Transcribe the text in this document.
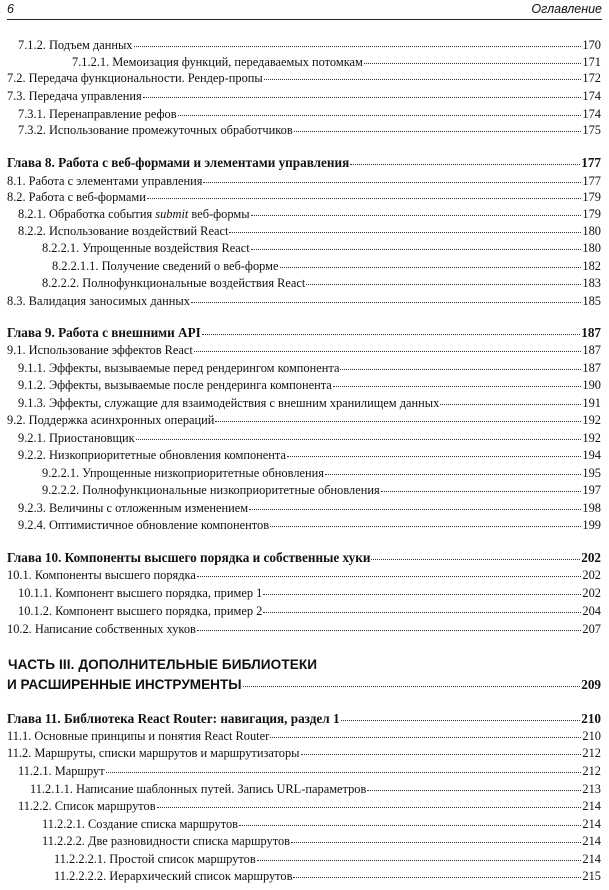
6	Оглавление
7.1.2. Подъем данных	170
7.1.2.1. Мемоизация функций, передаваемых потомкам	171
7.2. Передача функциональности. Рендер-пропы	172
7.3. Передача управления	174
7.3.1. Перенаправление рефов	174
7.3.2. Использование промежуточных обработчиков	175
Глава 8. Работа с веб-формами и элементами управления	177
8.1. Работа с элементами управления	177
8.2. Работа с веб-формами	179
8.2.1. Обработка события submit веб-формы	179
8.2.2. Использование воздействий React	180
8.2.2.1. Упрощенные воздействия React	180
8.2.2.1.1. Получение сведений о веб-форме	182
8.2.2.2. Полнофункциональные воздействия React	183
8.3. Валидация заносимых данных	185
Глава 9. Работа с внешними API	187
9.1. Использование эффектов React	187
9.1.1. Эффекты, вызываемые перед рендерингом компонента	187
9.1.2. Эффекты, вызываемые после рендеринга компонента	190
9.1.3. Эффекты, служащие для взаимодействия с внешним хранилищем данных	191
9.2. Поддержка асинхронных операций	192
9.2.1. Приостановщик	192
9.2.2. Низкоприоритетные обновления компонента	194
9.2.2.1. Упрощенные низкоприоритетные обновления	195
9.2.2.2. Полнофункциональные низкоприоритетные обновления	197
9.2.3. Величины с отложенным изменением	198
9.2.4. Оптимистичное обновление компонентов	199
Глава 10. Компоненты высшего порядка и собственные хуки	202
10.1. Компоненты высшего порядка	202
10.1.1. Компонент высшего порядка, пример 1	202
10.1.2. Компонент высшего порядка, пример 2	204
10.2. Написание собственных хуков	207
ЧАСТЬ III. ДОПОЛНИТЕЛЬНЫЕ БИБЛИОТЕКИ
И РАСШИРЕННЫЕ ИНСТРУМЕНТЫ	209
Глава 11. Библиотека React Router: навигация, раздел 1	210
11.1. Основные принципы и понятия React Router	210
11.2. Маршруты, списки маршрутов и маршрутизаторы	212
11.2.1. Маршрут	212
11.2.1.1. Написание шаблонных путей. Запись URL-параметров	213
11.2.2. Список маршрутов	214
11.2.2.1. Создание списка маршрутов	214
11.2.2.2. Две разновидности списка маршрутов	214
11.2.2.2.1. Простой список маршрутов	214
11.2.2.2.2. Иерархический список маршрутов	215
